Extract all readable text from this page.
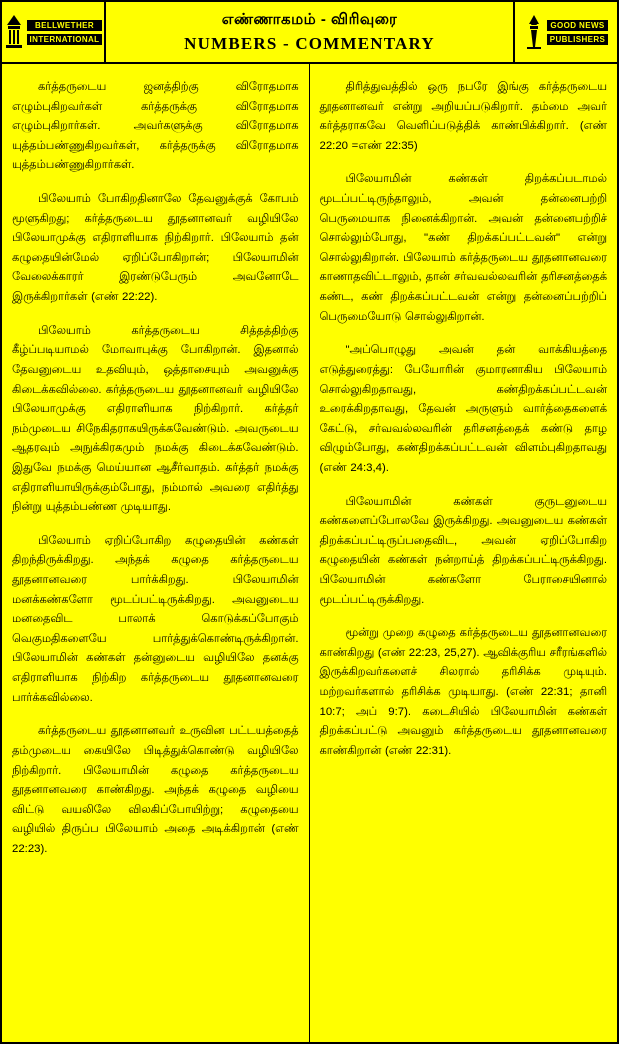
BELLWETHER
INTERNATIONAL
எண்ணாகமம் - விரிவுரை
NUMBERS - COMMENTARY
GOOD NEWS
PUBLISHERS

கர்த்தருடைய ஜனத்திற்கு விரோதமாக எழும்புகிறவர்கள் கர்த்தருக்கு விரோதமாக எழும்புகிறார்கள். அவர்களுக்கு விரோதமாக யுத்தம்பண்ணுகிறவர்கள், கர்த்தருக்கு விரோதமாக யுத்தம்பண்ணுகிறார்கள்.

பிலேயாம் போகிறதினாலே தேவனுக்குக் கோபம் மூளுகிறது; கர்த்தருடைய தூதனானவர் வழியிலே பிலேயாமுக்கு எதிராளியாக நிற்கிறார். பிலேயாம் தன் கழுதையின்மேல் ஏறிப்போகிறான்; பிலேயாமின் வேலைக்காரர் இரண்டுபேரும் அவனோடே இருக்கிறார்கள் (எண் 22:22).

பிலேயாம் கர்த்தருடைய சித்தத்திற்கு கீழ்ப்படியாமல் மோவாபுக்கு போகிறான். இதனால் தேவனுடைய உதவியும், ஒத்தாசையும் அவனுக்கு கிடைக்கவில்லை. கர்த்தருடைய தூதனானவர் வழியிலே பிலேயாமுக்கு எதிராளியாக நிற்கிறார். கர்த்தர் நம்முடைய சிநேகிதராகயிருக்கவேண்டும். அவருடைய ஆதரவும் அநுக்கிரகமும் நமக்கு கிடைக்கவேண்டும். இதுவே நமக்கு மெய்யான ஆசீர்வாதம். கர்த்தர் நமக்கு எதிராளியாயிருக்கும்போது, நம்மால் அவரை எதிர்த்து நின்று யுத்தம்பண்ண முடியாது.

பிலேயாம் ஏறிப்போகிற கழுதையின் கண்கள் திறந்திருக்கிறது. அந்தக் கழுதை கர்த்தருடைய தூதனானவரை பார்க்கிறது. பிலேயாமின் மனக்கண்களோ மூடப்பட்டிருக்கிறது. அவனுடைய மனதைவிட பாலாக் கொடுக்கப்போகும் வெகுமதிகளையே பார்த்துக்கொண்டிருக்கிறான். பிலேயாமின் கண்கள் தன்னுடைய வழியிலே தனக்கு எதிராளியாக நிற்கிற கர்த்தருடைய தூதனானவரை பார்க்கவில்லை.

கர்த்தருடைய தூதனானவர் உருவின பட்டயத்தைத் தம்முடைய கையிலே பிடித்துக்கொண்டு வழியிலே நிற்கிறார். பிலேயாமின் கழுதை கர்த்தருடைய தூதனானவரை காண்கிறது. அந்தக் கழுதை வழியை விட்டு வயலிலே விலகிப்போயிற்று; கழுதையை வழியில் திருப்ப பிலேயாம் அதை அடிக்கிறான் (எண் 22:23).

திரித்துவத்தில் ஒரு நபரே இங்கு கர்த்தருடைய தூதனானவர் என்று அறியப்படுகிறார். தம்மை அவர் கர்த்தராகவே வெளிப்படுத்திக் காண்பிக்கிறார். (எண் 22:20 =எண் 22:35)

பிலேயாமின் கண்கள் திறக்கப்படாமல் மூடப்பட்டிருந்தாலும், அவன் தன்னைபற்றி பெருமையாக நினைக்கிறான். அவன் தன்னைபற்றிச் சொல்லும்போது, "கண் திறக்கப்பட்டவன்" என்று சொல்லுகிறான். பிலேயாம் கர்த்தருடைய தூதனானவரை காணாதவிட்டாலும், தான் சர்வவல்லவரின் தரிசனத்தைக் கண்ட, கண் திறக்கப்பட்டவன் என்று தன்னைப்பற்றிப் பெருமையோடு சொல்லுகிறான்.

"அப்பொழுது அவன் தன் வாக்கியத்தை எடுத்துரைத்து: பேயோரின் குமாரனாகிய பிலேயாம் சொல்லுகிறதாவது, கண்திறக்கப்பட்டவன் உரைக்கிறதாவது, தேவன் அருளும் வார்த்தைகளைக் கேட்டு, சர்வவல்லவரின் தரிசனத்தைக் கண்டு தாழ விழும்போது, கண்திறக்கப்பட்டவன் விளம்புகிறதாவது (எண் 24:3,4).

பிலேயாமின் கண்கள் குருடனுடைய கண்களைப்போலவே இருக்கிறது. அவனுடைய கண்கள் திறக்கப்பட்டிருப்பதைவிட, அவன் ஏறிப்போகிற கழுதையின் கண்கள் நன்றாய்த் திறக்கப்பட்டிருக்கிறது. பிலேயாமின் கண்களோ பேராசையினால் மூடப்பட்டிருக்கிறது.

மூன்று முறை கழுதை கர்த்தருடைய தூதனானவரை காண்கிறது (எண் 22:23, 25,27). ஆவிக்குரிய சரீரங்களில் இருக்கிறவர்களைச் சிலரால் தரிசிக்க முடியும். மற்றவர்களால் தரிசிக்க முடியாது. (எண் 22:31; தானி 10:7; அப் 9:7). கடைசியில் பிலேயாமின் கண்கள் திறக்கப்பட்டு அவனும் கர்த்தருடைய தூதனானவரை காண்கிறான் (எண் 22:31).
